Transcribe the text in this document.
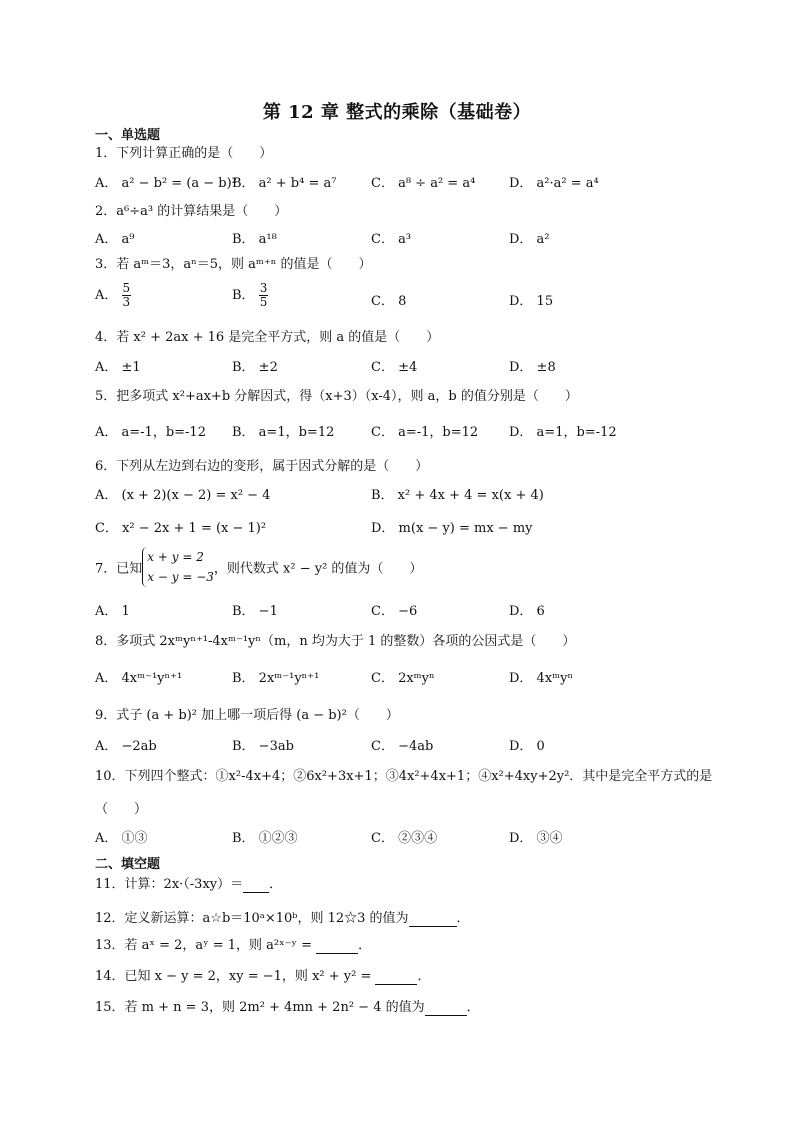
第 12 章 整式的乘除（基础卷）
一、单选题
1．下列计算正确的是（　　）
A． a² − b² = (a − b)²
B． a² + b⁴ = a⁷	C． a⁸ ÷ a² = a⁴	D． a²·a² = a⁴
2．a⁶÷a³ 的计算结果是（　　）
A． a⁹	B． a¹⁸	C． a³	D． a²
3．若 aᵐ＝3，aⁿ＝5，则 aᵐ⁺ⁿ 的值是（　　）
A． $\frac{5}{3}$	B． $\frac{3}{5}$	C． 8	D． 15
4．若 x² + 2ax + 16 是完全平方式，则 a 的值是（　　）
A． ±1	B． ±2	C． ±4	D． ±8
5．把多项式 x²+ax+b 分解因式，得（x+3）（x-4），则 a，b 的值分别是（　　）
A． a=-1，b=-12 B． a=1，b=12	C． a=-1，b=12 D． a=1，b=-12
6．下列从左边到右边的变形，属于因式分解的是（　　）
A． (x + 2)(x − 2) = x² − 4	B． x² + 4x + 4 = x(x + 4)
C． x² − 2x + 1 = (x − 1)²	D． m(x − y) = mx − my
7．已知
x + y = 2
x − y = −3
，则代数式 x² − y² 的值为（　　）
A． 1	B． −1	C． −6	D． 6
8．多项式 2xᵐyⁿ⁺¹-4xᵐ⁻¹yⁿ（m，n 均为大于 1 的整数）各项的公因式是（　　）
A． 4xᵐ⁻¹yⁿ⁺¹	B． 2xᵐ⁻¹yⁿ⁺¹	C． 2xᵐyⁿ	D． 4xᵐyⁿ
9．式子 (a + b)² 加上哪一项后得 (a − b)²（　　）
A． −2ab	B． −3ab	C． −4ab	D． 0
10．下列四个整式：①x²-4x+4；②6x²+3x+1；③4x²+4x+1；④x²+4xy+2y²．其中是完全平方式的是
（　　）
A． ①③	B． ①②③	C． ②③④	D． ③④
二、填空题
11．计算：2x·（-3xy）＝ ．
12．定义新运算：a☆b＝10ᵃ×10ᵇ，则 12☆3 的值为	．
13．若 aˣ = 2，aʸ = 1，则 a²ˣ⁻ʸ =	．
14．已知 x − y = 2，xy = −1，则 x² + y² =	．
15．若 m + n = 3，则 2m² + 4mn + 2n² − 4 的值为	．
